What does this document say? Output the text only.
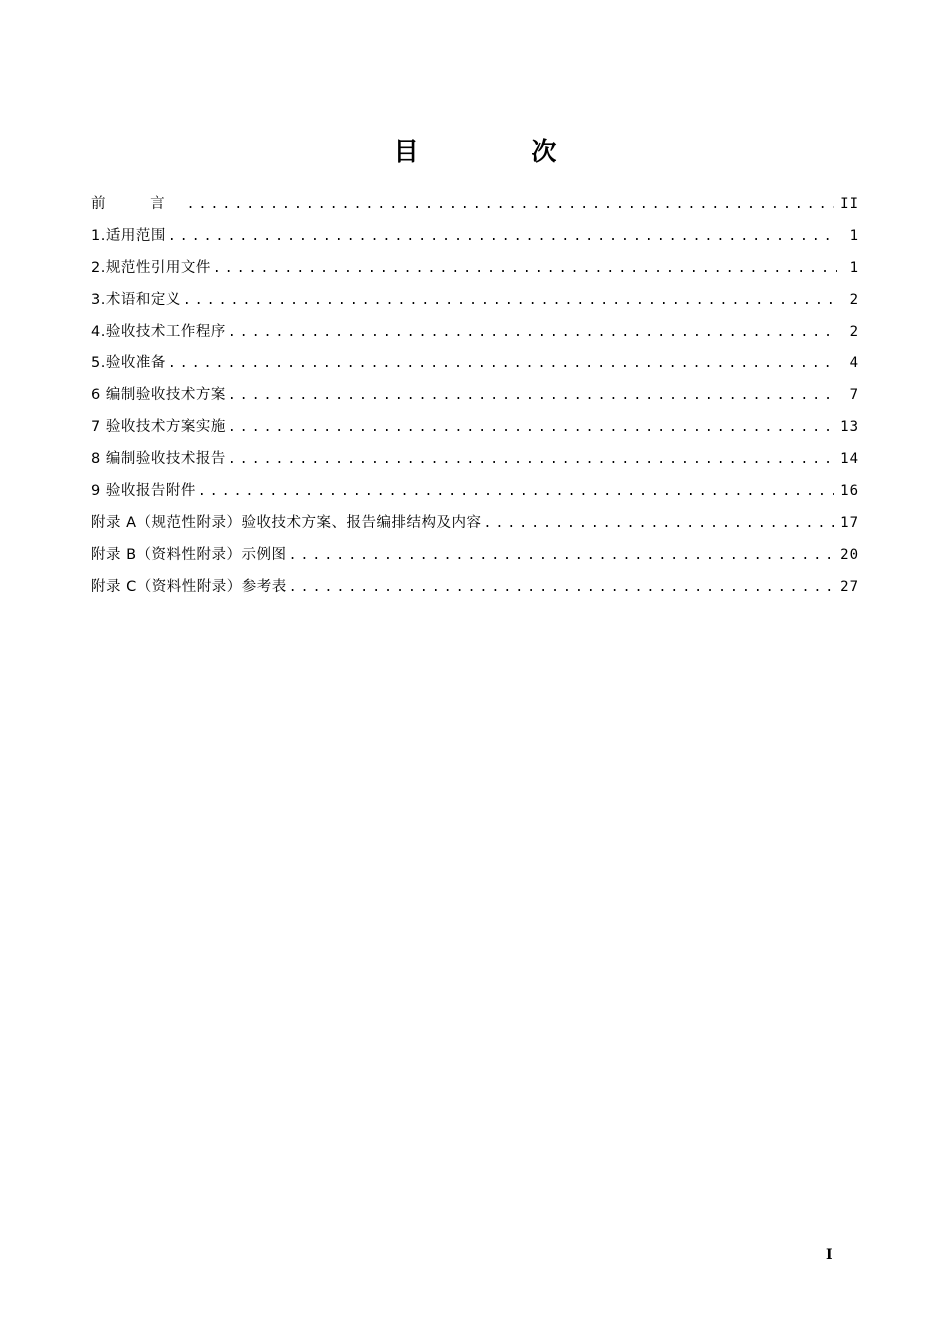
目 次
前 言 .....	II
1.适用范围 .....	1
2.规范性引用文件 .....	1
3.术语和定义 .....	2
4.验收技术工作程序 .....	2
5.验收准备 .....	4
6 编制验收技术方案 .....	7
7 验收技术方案实施 .....	13
8 编制验收技术报告 .....	14
9 验收报告附件 .....	16
附录 A（规范性附录）验收技术方案、报告编排结构及内容 .....	17
附录 B（资料性附录）示例图 .....	20
附录 C（资料性附录）参考表 .....	27
I
